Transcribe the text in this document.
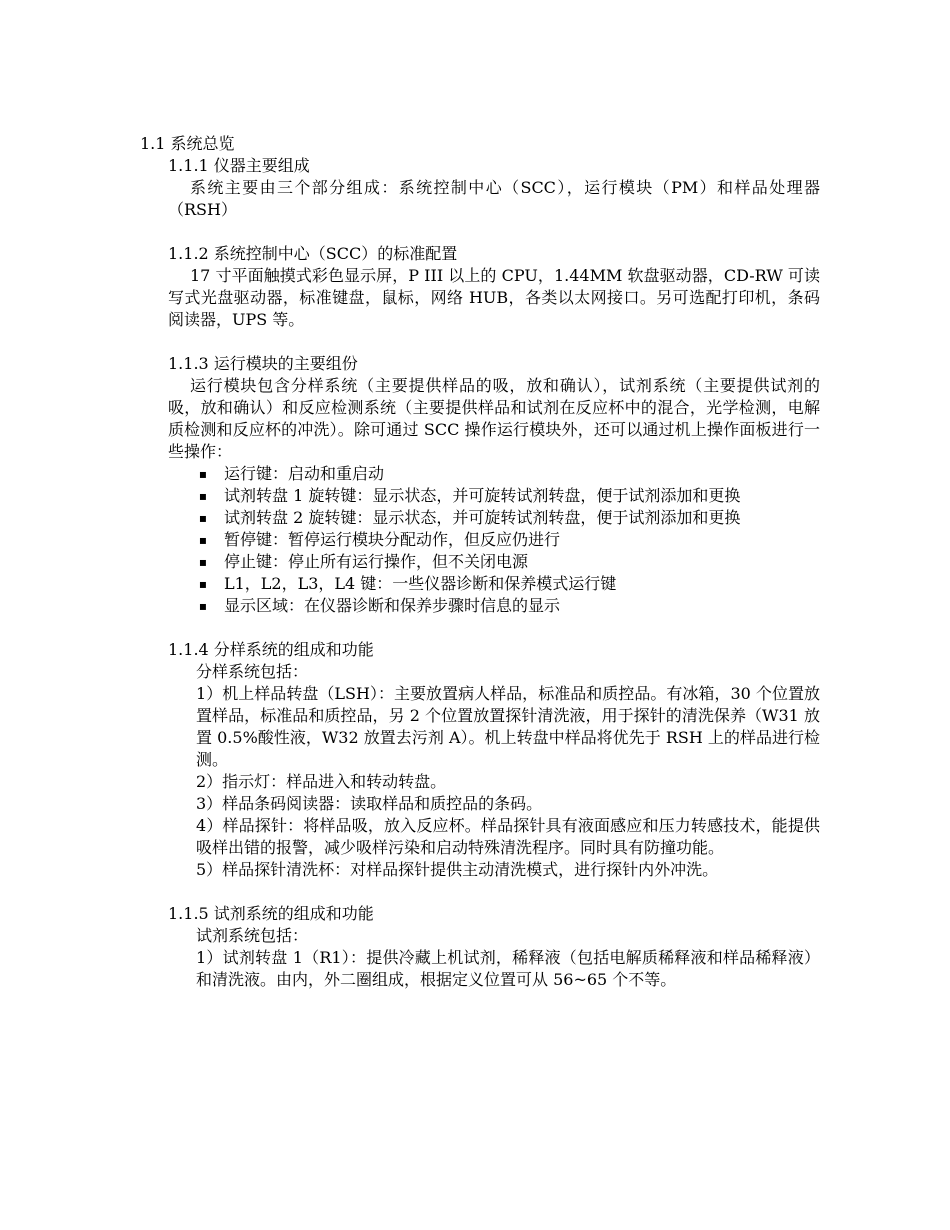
1.1 系统总览

1.1.1 仪器主要组成

系统主要由三个部分组成：系统控制中心（SCC），运行模块（PM）和样品处理器（RSH）

1.1.2 系统控制中心（SCC）的标准配置

17 寸平面触摸式彩色显示屏，P III 以上的 CPU，1.44MM 软盘驱动器，CD-RW 可读写式光盘驱动器，标准键盘，鼠标，网络 HUB，各类以太网接口。另可选配打印机，条码阅读器，UPS 等。

1.1.3 运行模块的主要组份

运行模块包含分样系统（主要提供样品的吸，放和确认），试剂系统（主要提供试剂的吸，放和确认）和反应检测系统（主要提供样品和试剂在反应杯中的混合，光学检测，电解质检测和反应杯的冲洗）。除可通过 SCC 操作运行模块外，还可以通过机上操作面板进行一些操作：

▪ 运行键：启动和重启动
▪ 试剂转盘 1 旋转键：显示状态，并可旋转试剂转盘，便于试剂添加和更换
▪ 试剂转盘 2 旋转键：显示状态，并可旋转试剂转盘，便于试剂添加和更换
▪ 暂停键：暂停运行模块分配动作，但反应仍进行
▪ 停止键：停止所有运行操作，但不关闭电源
▪ L1，L2，L3，L4 键：一些仪器诊断和保养模式运行键
▪ 显示区域：在仪器诊断和保养步骤时信息的显示

1.1.4 分样系统的组成和功能

分样系统包括：

1）机上样品转盘（LSH）：主要放置病人样品，标准品和质控品。有冰箱，30 个位置放置样品，标准品和质控品，另 2 个位置放置探针清洗液，用于探针的清洗保养（W31 放置 0.5%酸性液，W32 放置去污剂 A）。机上转盘中样品将优先于 RSH 上的样品进行检测。

2）指示灯：样品进入和转动转盘。

3）样品条码阅读器：读取样品和质控品的条码。

4）样品探针：将样品吸，放入反应杯。样品探针具有液面感应和压力转感技术，能提供吸样出错的报警，减少吸样污染和启动特殊清洗程序。同时具有防撞功能。

5）样品探针清洗杯：对样品探针提供主动清洗模式，进行探针内外冲洗。

1.1.5 试剂系统的组成和功能

试剂系统包括：

1）试剂转盘 1（R1）：提供冷藏上机试剂，稀释液（包括电解质稀释液和样品稀释液）和清洗液。由内，外二圈组成，根据定义位置可从 56~65 个不等。
